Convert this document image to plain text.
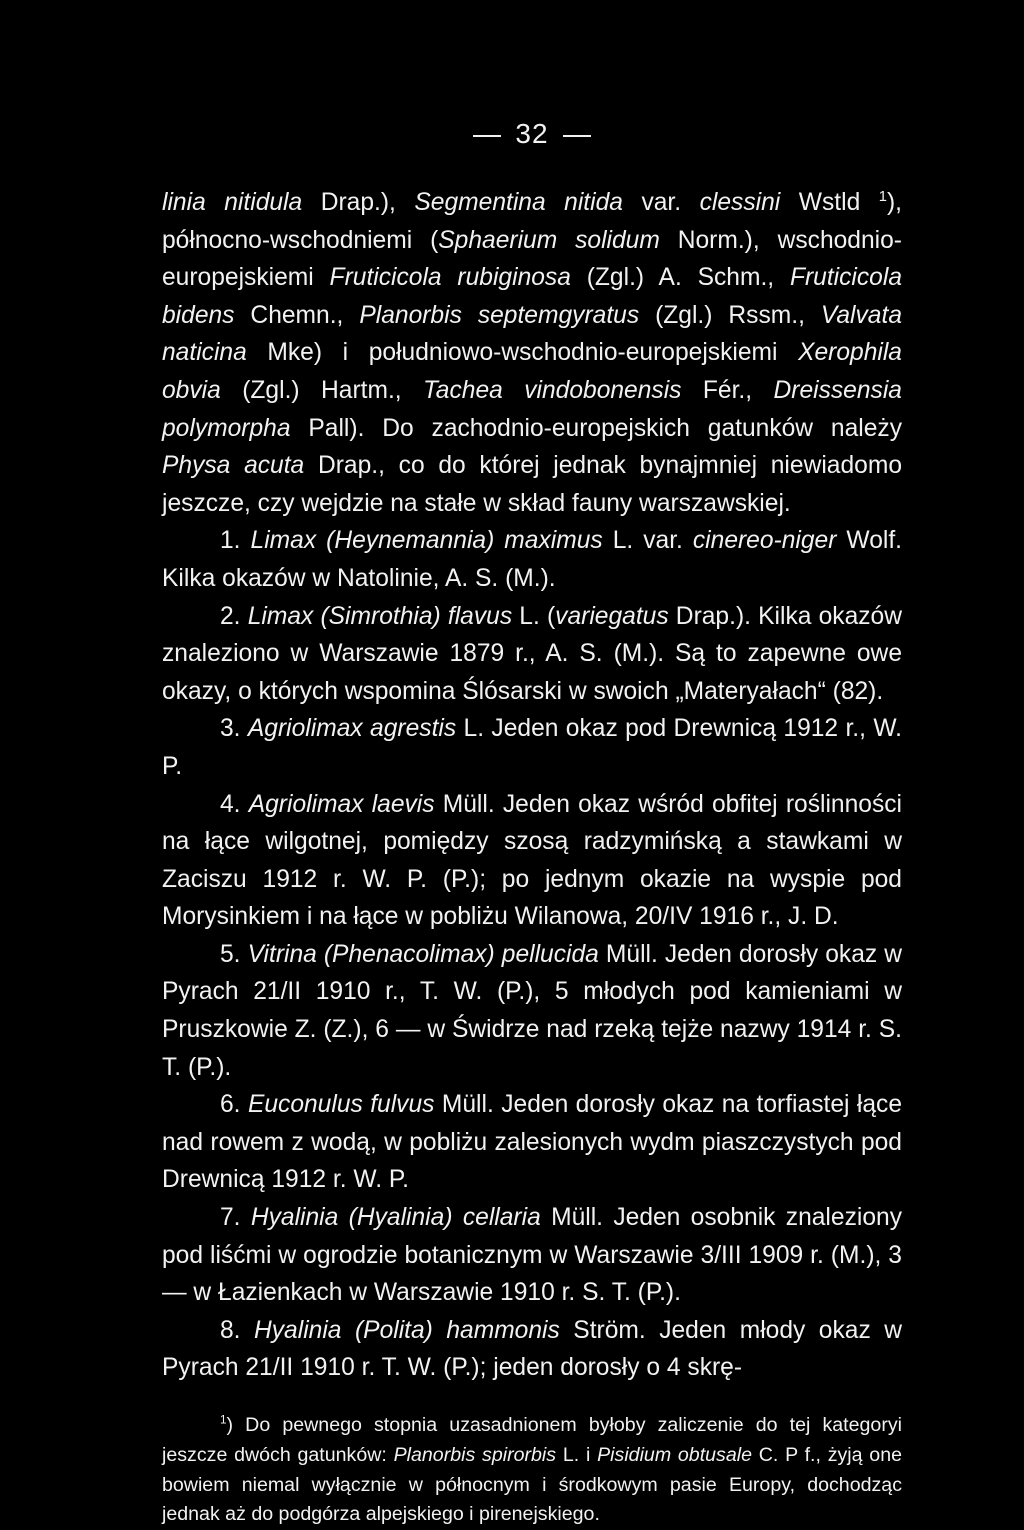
32

linia nitidula Drap.), Segmentina nitida var. clessini Wstld $^1$), północno-wschodniemi (Sphaerium solidum Norm.), wschodnio-europejskiemi Fruticicola rubiginosa (Zgl.) A. Schm., Fruticicola bidens Chemn., Planorbis septemgyratus (Zgl.) Rssm., Valvata naticina Mke) i południowo-wschodnio-europejskiemi Xerophila obvia (Zgl.) Hartm., Tachea vindobonensis Fér., Dreissensia polymorpha Pall). Do zachodnio-europejskich gatunków należy Physa acuta Drap., co do której jednak bynajmniej niewiadomo jeszcze, czy wejdzie na stałe w skład fauny warszawskiej.

1. Limax (Heynemannia) maximus L. var. cinereo-niger Wolf. Kilka okazów w Natolinie, A. S. (M.).

2. Limax (Simrothia) flavus L. (variegatus Drap.). Kilka okazów znaleziono w Warszawie 1879 r., A. S. (M.). Są to zapewne owe okazy, o których wspomina Ślósarski w swoich „Materyałach“ (82).

3. Agriolimax agrestis L. Jeden okaz pod Drewnicą 1912 r., W. P.

4. Agriolimax laevis Müll. Jeden okaz wśród obfitej roślinności na łące wilgotnej, pomiędzy szosą radzymińską a stawkami w Zaciszu 1912 r. W. P. (P.); po jednym okazie na wyspie pod Morysinkiem i na łące w pobliżu Wilanowa, 20/IV 1916 r., J. D.

5. Vitrina (Phenacolimax) pellucida Müll. Jeden dorosły okaz w Pyrach 21/II 1910 r., T. W. (P.), 5 młodych pod kamieniami w Pruszkowie Z. (Z.), 6 — w Świdrze nad rzeką tejże nazwy 1914 r. S. T. (P.).

6. Euconulus fulvus Müll. Jeden dorosły okaz na torfiastej łące nad rowem z wodą, w pobliżu zalesionych wydm piaszczystych pod Drewnicą 1912 r. W. P.

7. Hyalinia (Hyalinia) cellaria Müll. Jeden osobnik znaleziony pod liśćmi w ogrodzie botanicznym w Warszawie 3/III 1909 r. (M.), 3 — w Łazienkach w Warszawie 1910 r. S. T. (P.).

8. Hyalinia (Polita) hammonis Ström. Jeden młody okaz w Pyrach 21/II 1910 r. T. W. (P.); jeden dorosły o 4 skrę-

$^1$) Do pewnego stopnia uzasadnionem byłoby zaliczenie do tej kategoryi jeszcze dwóch gatunków: Planorbis spirorbis L. i Pisidium obtusale C. P f., żyją one bowiem niemal wyłącznie w północnym i środkowym pasie Europy, dochodząc jednak aż do podgórza alpejskiego i pirenejskiego.
